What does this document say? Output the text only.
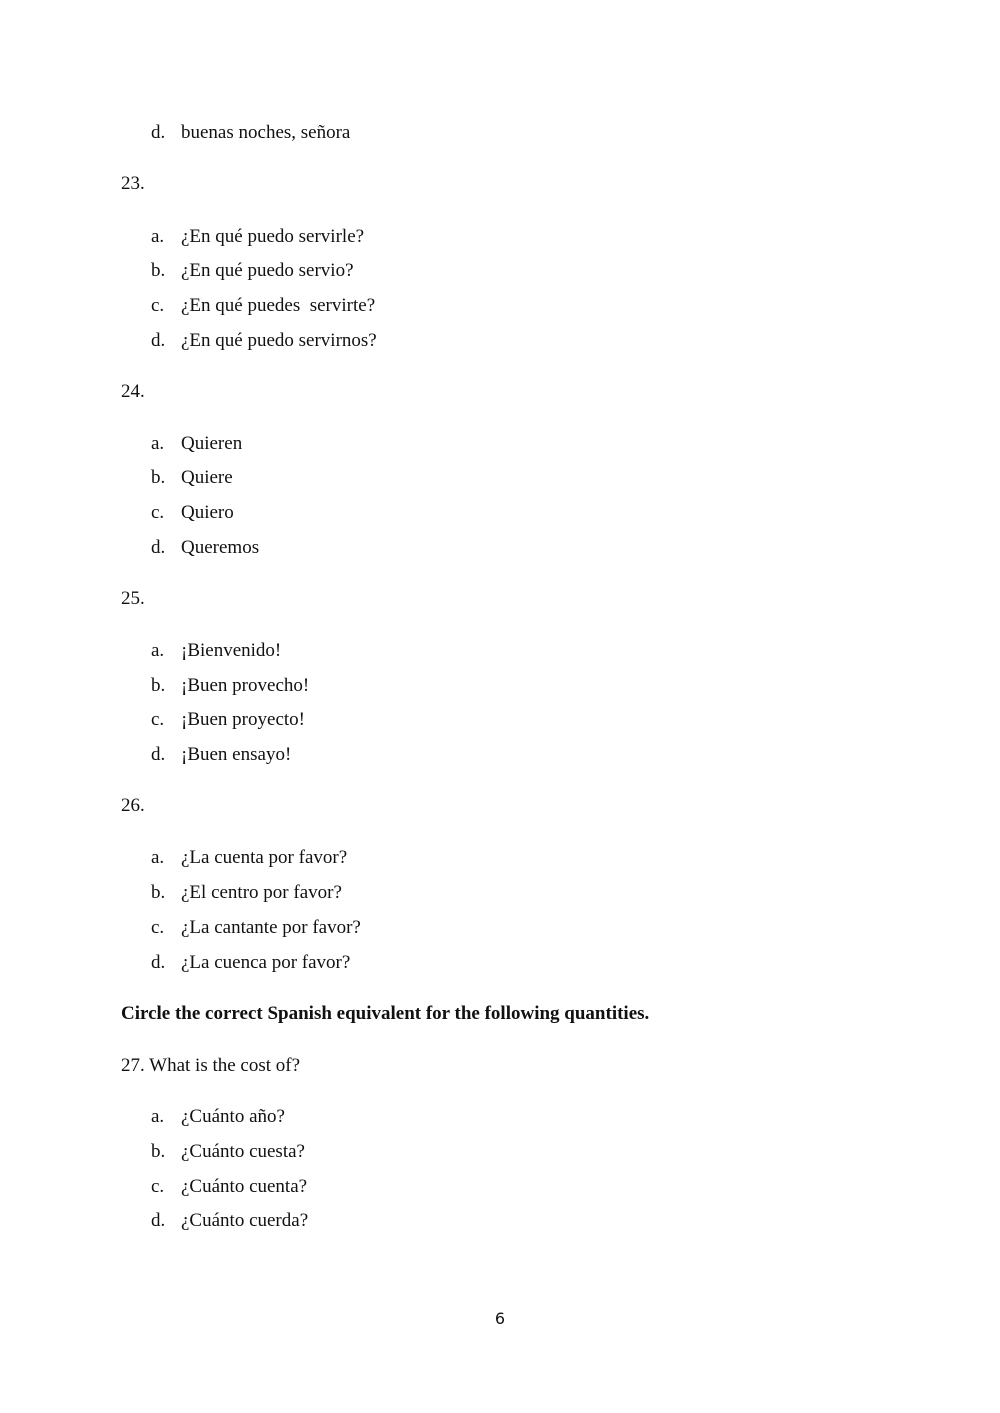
d. buenas noches, señora
23.
a. ¿En qué puedo servirle?
b. ¿En qué puedo servio?
c. ¿En qué puedes  servirte?
d. ¿En qué puedo servirnos?
24.
a. Quieren
b. Quiere
c. Quiero
d. Queremos
25.
a. ¡Bienvenido!
b. ¡Buen provecho!
c. ¡Buen proyecto!
d. ¡Buen ensayo!
26.
a. ¿La cuenta por favor?
b. ¿El centro por favor?
c. ¿La cantante por favor?
d. ¿La cuenca por favor?
Circle the correct Spanish equivalent for the following quantities.
27. What is the cost of?
a. ¿Cuánto año?
b. ¿Cuánto cuesta?
c. ¿Cuánto cuenta?
d. ¿Cuánto cuerda?
6
